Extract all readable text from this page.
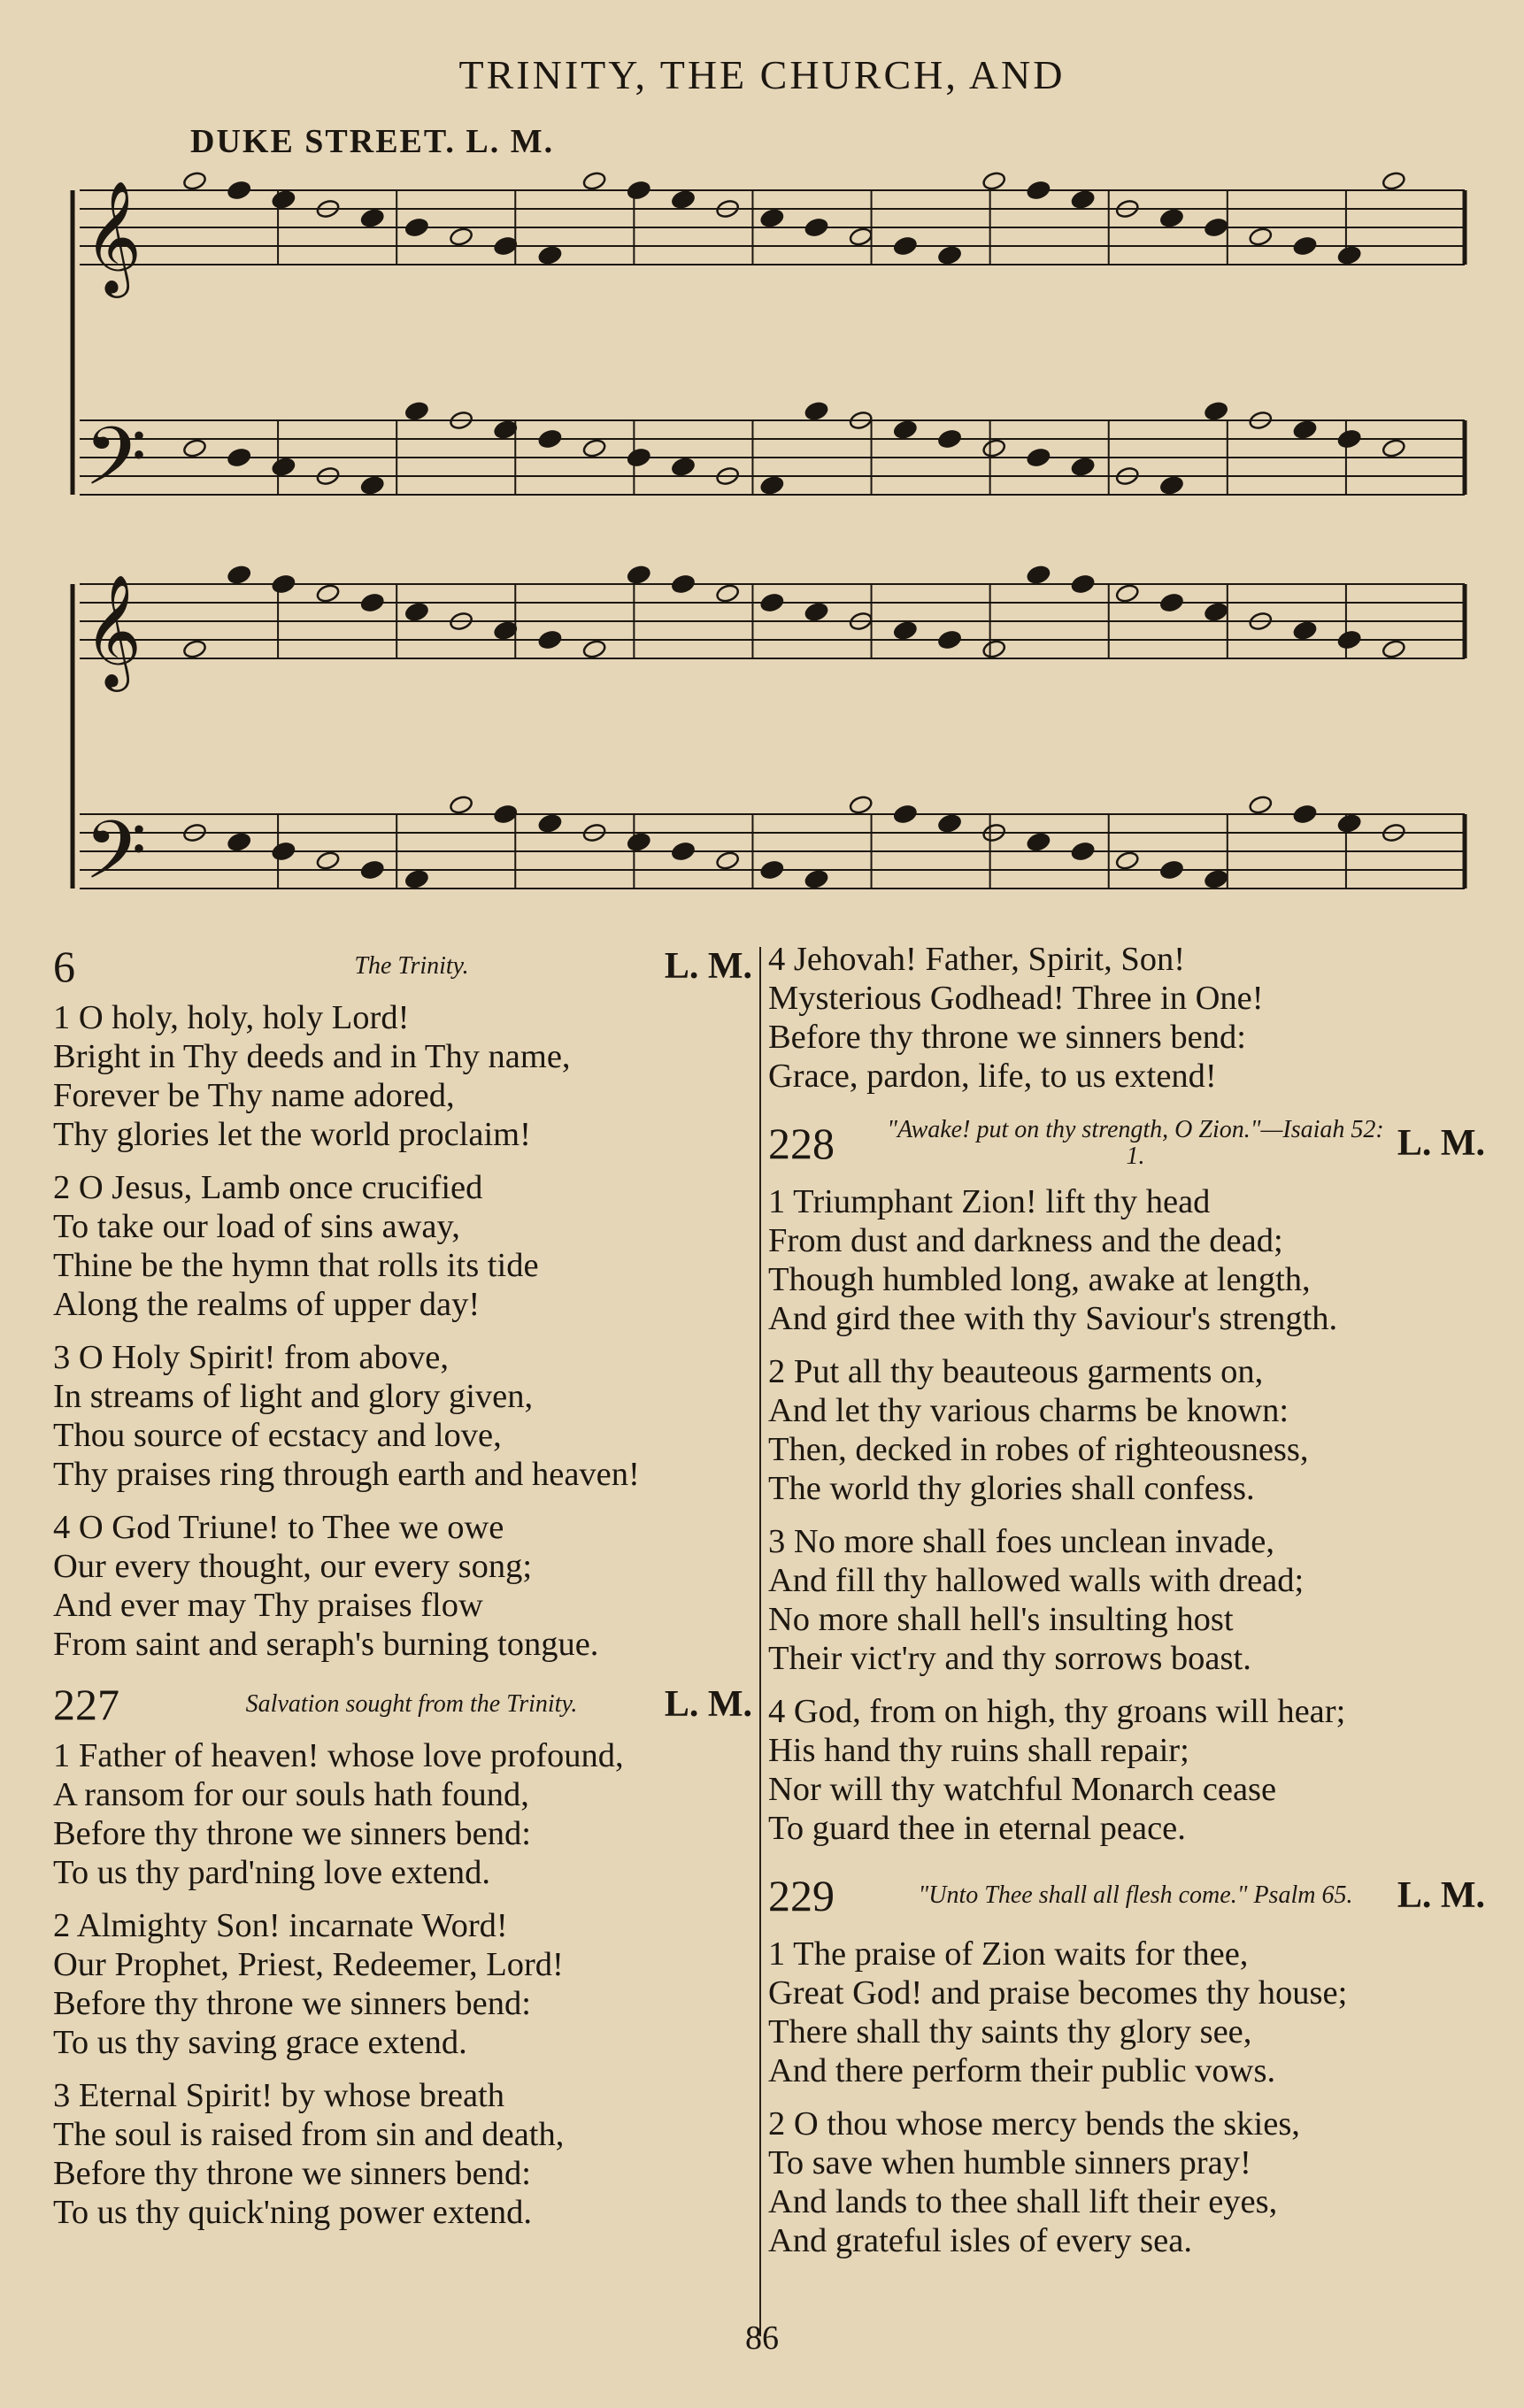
TRINITY, THE CHURCH, AND
DUKE STREET. L. M.
𝄞
𝄢
𝄞
𝄢
6	The Trinity.	L. M.
1 O holy, holy, holy Lord!
Bright in Thy deeds and in Thy name,
Forever be Thy name adored,
Thy glories let the world proclaim!
2 O Jesus, Lamb once crucified
To take our load of sins away,
Thine be the hymn that rolls its tide
Along the realms of upper day!
3 O Holy Spirit! from above,
In streams of light and glory given,
Thou source of ecstacy and love,
Thy praises ring through earth and heaven!
4 O God Triune! to Thee we owe
Our every thought, our every song;
And ever may Thy praises flow
From saint and seraph's burning tongue.
227	Salvation sought from the Trinity.	L. M.
1 Father of heaven! whose love profound,
A ransom for our souls hath found,
Before thy throne we sinners bend:
To us thy pard'ning love extend.
2 Almighty Son! incarnate Word!
Our Prophet, Priest, Redeemer, Lord!
Before thy throne we sinners bend:
To us thy saving grace extend.
3 Eternal Spirit! by whose breath
The soul is raised from sin and death,
Before thy throne we sinners bend:
To us thy quick'ning power extend.
4 Jehovah! Father, Spirit, Son!
Mysterious Godhead! Three in One!
Before thy throne we sinners bend:
Grace, pardon, life, to us extend!
228	"Awake! put on thy strength, O Zion."—Isaiah 52: 1.	L. M.
1 Triumphant Zion! lift thy head
From dust and darkness and the dead;
Though humbled long, awake at length,
And gird thee with thy Saviour's strength.
2 Put all thy beauteous garments on,
And let thy various charms be known:
Then, decked in robes of righteousness,
The world thy glories shall confess.
3 No more shall foes unclean invade,
And fill thy hallowed walls with dread;
No more shall hell's insulting host
Their vict'ry and thy sorrows boast.
4 God, from on high, thy groans will hear;
His hand thy ruins shall repair;
Nor will thy watchful Monarch cease
To guard thee in eternal peace.
229	"Unto Thee shall all flesh come." Psalm 65.	L. M.
1 The praise of Zion waits for thee,
Great God! and praise becomes thy house;
There shall thy saints thy glory see,
And there perform their public vows.
2 O thou whose mercy bends the skies,
To save when humble sinners pray!
And lands to thee shall lift their eyes,
And grateful isles of every sea.
86
